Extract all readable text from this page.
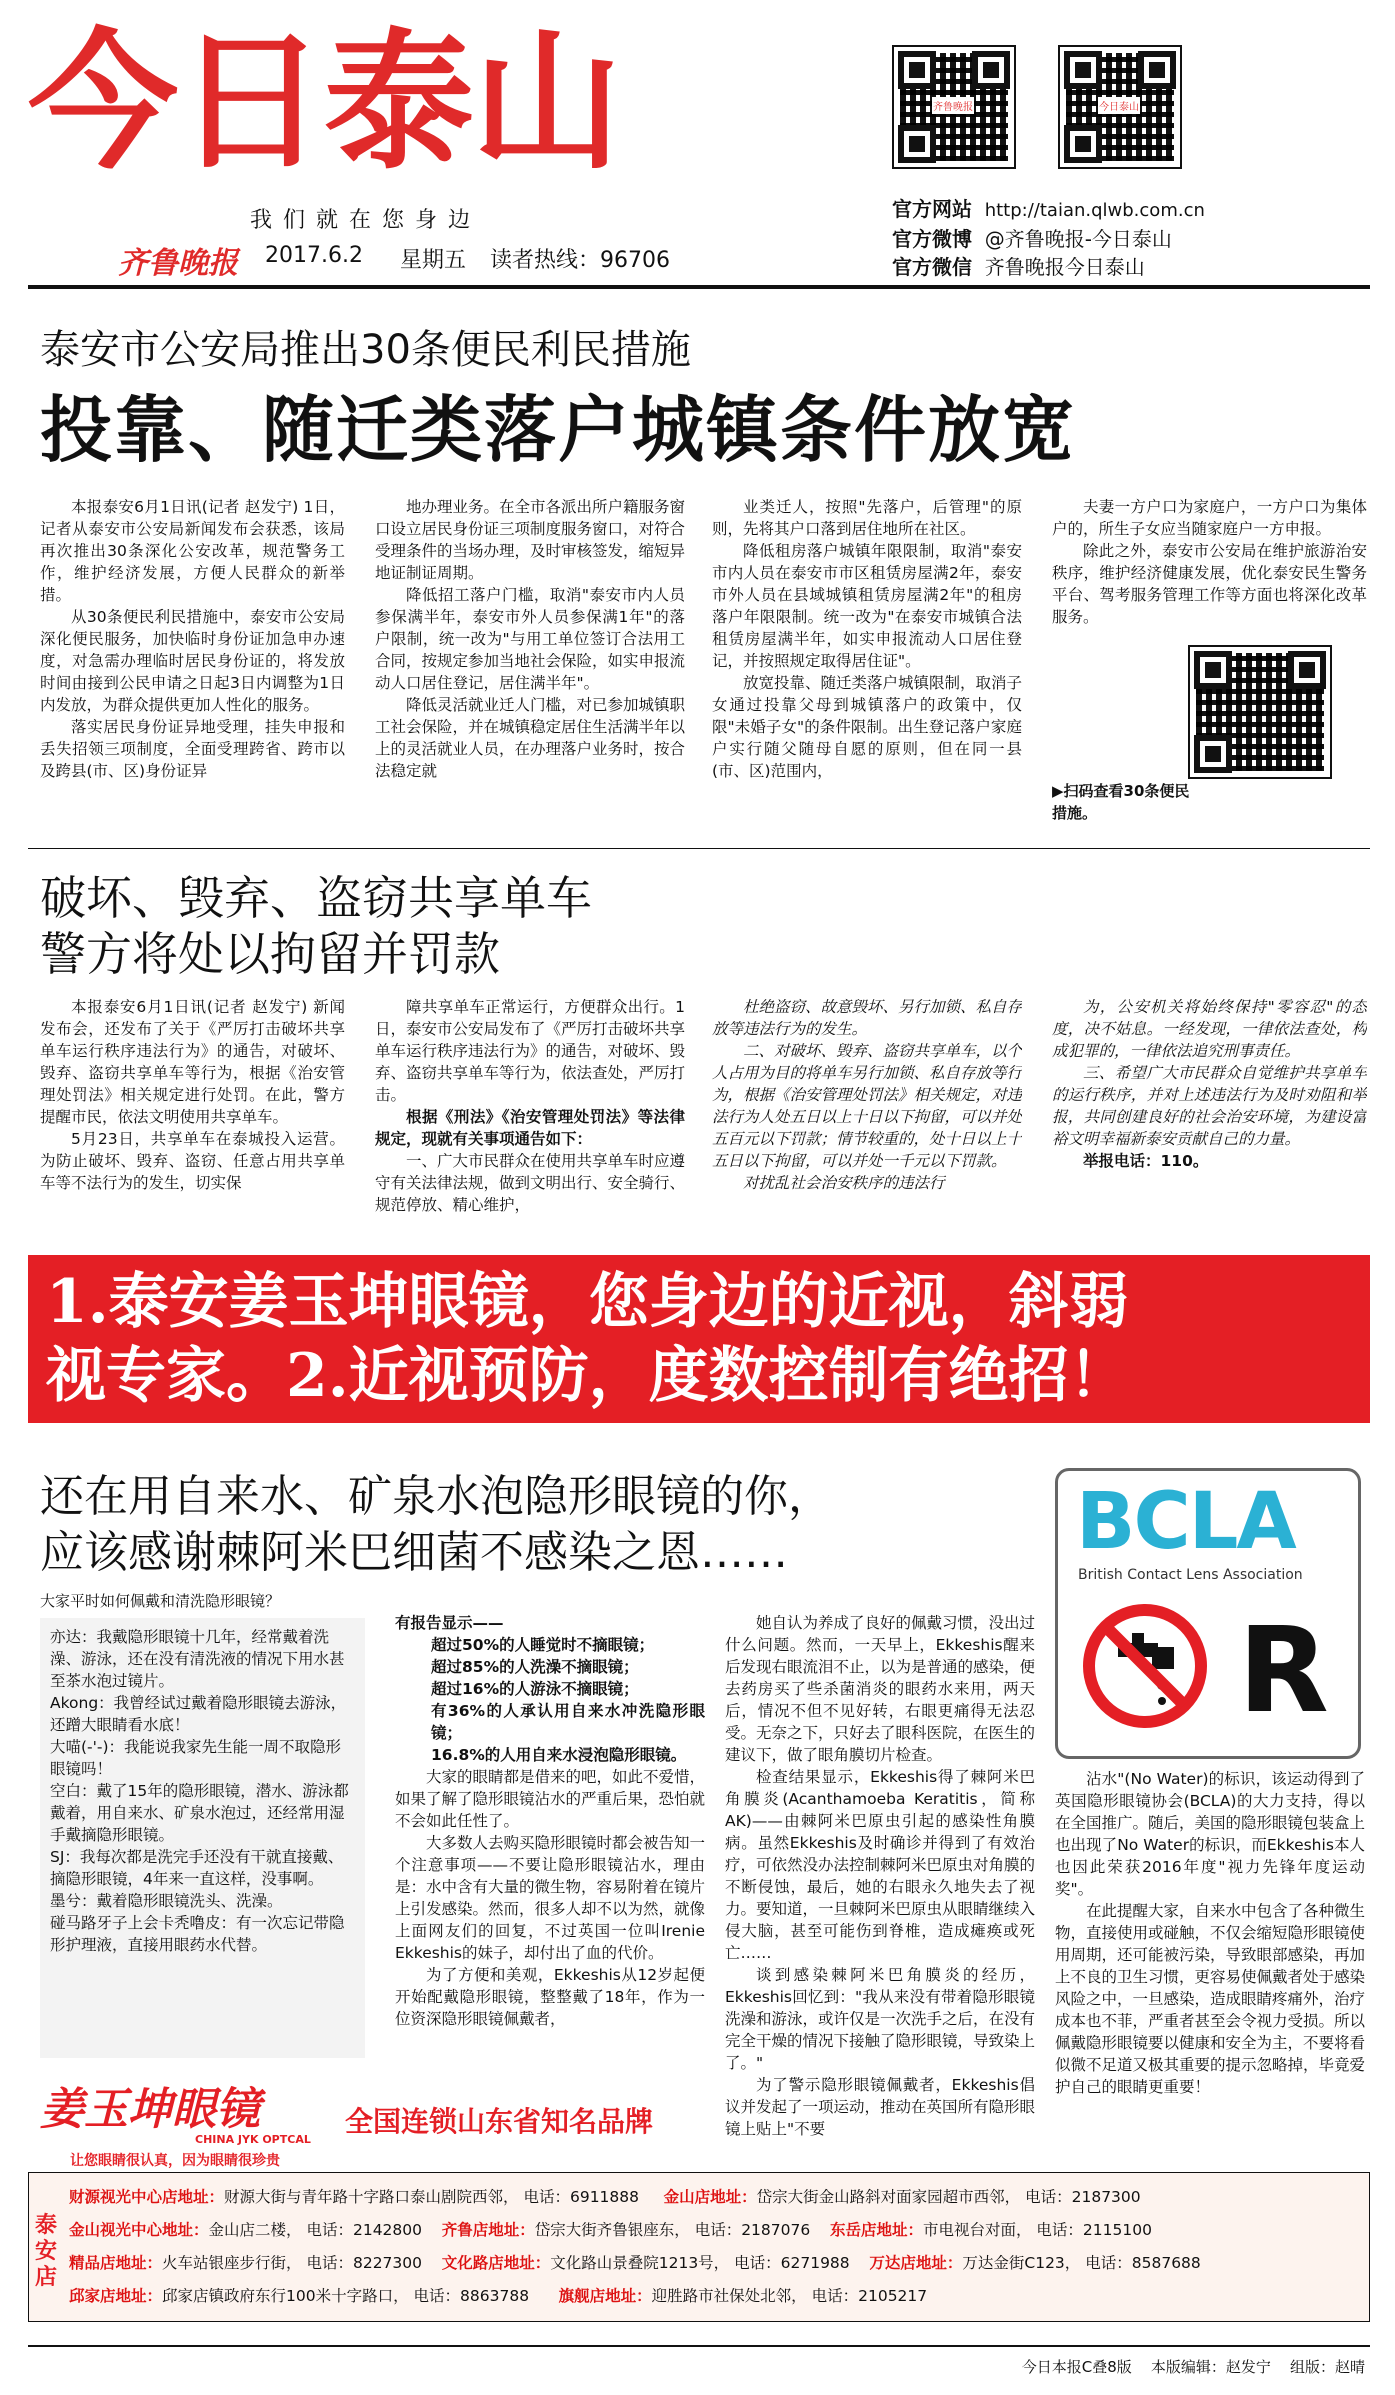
今日泰山
我 们 就 在 您 身 边
齐鲁晚报 2017.6.2 星期五 读者热线：96706
齐鲁晚报	今日泰山
官方网站 http://taian.qlwb.com.cn
官方微博 @齐鲁晚报-今日泰山
官方微信 齐鲁晚报今日泰山
泰安市公安局推出30条便民利民措施
投靠、随迁类落户城镇条件放宽

本报泰安6月1日讯(记者 赵发宁) 1日，记者从泰安市公安局新闻发布会获悉，该局再次推出30条深化公安改革，规范警务工作，维护经济发展，方便人民群众的新举措。

从30条便民利民措施中，泰安市公安局深化便民服务，加快临时身份证加急申办速度，对急需办理临时居民身份证的，将发放时间由接到公民申请之日起3日内调整为1日内发放，为群众提供更加人性化的服务。

落实居民身份证异地受理，挂失申报和丢失招领三项制度，全面受理跨省、跨市以及跨县(市、区)身份证异

地办理业务。在全市各派出所户籍服务窗口设立居民身份证三项制度服务窗口，对符合受理条件的当场办理，及时审核签发，缩短异地证制证周期。

降低招工落户门槛，取消"泰安市内人员参保满半年，泰安市外人员参保满1年"的落户限制，统一改为"与用工单位签订合法用工合同，按规定参加当地社会保险，如实申报流动人口居住登记，居住满半年"。

降低灵活就业迁人门槛，对已参加城镇职工社会保险，并在城镇稳定居住生活满半年以上的灵活就业人员，在办理落户业务时，按合法稳定就

业类迁人，按照"先落户，后管理"的原则，先将其户口落到居住地所在社区。

降低租房落户城镇年限限制，取消"泰安市内人员在泰安市市区租赁房屋满2年，泰安市外人员在县域城镇租赁房屋满2年"的租房落户年限限制。统一改为"在泰安市城镇合法租赁房屋满半年，如实申报流动人口居住登记，并按照规定取得居住证"。

放宽投靠、随迁类落户城镇限制，取消子女通过投靠父母到城镇落户的政策中，仅限"未婚子女"的条件限制。出生登记落户家庭户实行随父随母自愿的原则，但在同一县(市、区)范围内，

夫妻一方户口为家庭户，一方户口为集体户的，所生子女应当随家庭户一方申报。

除此之外，泰安市公安局在维护旅游治安秩序，维护经济健康发展，优化泰安民生警务平台、驾考服务管理工作等方面也将深化改革服务。

▶扫码查看30条便民措施。
破坏、毁弃、盗窃共享单车
警方将处以拘留并罚款

本报泰安6月1日讯(记者 赵发宁) 新闻发布会，还发布了关于《严厉打击破坏共享单车运行秩序违法行为》的通告，对破坏、毁弃、盗窃共享单车等行为，根据《治安管理处罚法》相关规定进行处罚。在此，警方提醒市民，依法文明使用共享单车。

5月23日，共享单车在泰城投入运营。为防止破坏、毁弃、盗窃、任意占用共享单车等不法行为的发生，切实保

障共享单车正常运行，方便群众出行。1日，泰安市公安局发布了《严厉打击破坏共享单车运行秩序违法行为》的通告，对破坏、毁弃、盗窃共享单车等行为，依法查处，严厉打击。

根据《刑法》《治安管理处罚法》等法律规定，现就有关事项通告如下：

一、广大市民群众在使用共享单车时应遵守有关法律法规，做到文明出行、安全骑行、规范停放、精心维护，

杜绝盗窃、故意毁坏、另行加锁、私自存放等违法行为的发生。

二、对破坏、毁弃、盗窃共享单车，以个人占用为目的将单车另行加锁、私自存放等行为，根据《治安管理处罚法》相关规定，对违法行为人处五日以上十日以下拘留，可以并处五百元以下罚款；情节较重的，处十日以上十五日以下拘留，可以并处一千元以下罚款。

对扰乱社会治安秩序的违法行

为，公安机关将始终保持"零容忍"的态度，决不姑息。一经发现，一律依法查处，构成犯罪的，一律依法追究刑事责任。

三、希望广大市民群众自觉维护共享单车的运行秩序，并对上述违法行为及时劝阻和举报，共同创建良好的社会治安环境，为建设富裕文明幸福新泰安贡献自己的力量。

举报电话：110。

1.泰安姜玉坤眼镜，您身边的近视，斜弱
视专家。2.近视预防，度数控制有绝招！
还在用自来水、矿泉水泡隐形眼镜的你，
应该感谢棘阿米巴细菌不感染之恩……	BCLA
British Contact Lens Association
R
大家平时如何佩戴和清洗隐形眼镜？
亦达：我戴隐形眼镜十几年，经常戴着洗澡、游泳，还在没有清洗液的情况下用水甚至茶水泡过镜片。
Akong：我曾经试过戴着隐形眼镜去游泳，还蹭大眼睛看水底！
大喵(-'-)：我能说我家先生能一周不取隐形眼镜吗！
空白：戴了15年的隐形眼镜，潜水、游泳都戴着，用自来水、矿泉水泡过，还经常用湿手戴摘隐形眼镜。
SJ：我每次都是洗完手还没有干就直接戴、摘隐形眼镜，4年来一直这样，没事啊。
墨兮：戴着隐形眼镜洗头、洗澡。
碰马路牙子上会卡秃噜皮：有一次忘记带隐形护理液，直接用眼药水代替。
有报告显示——
超过50%的人睡觉时不摘眼镜；
超过85%的人洗澡不摘眼镜；
超过16%的人游泳不摘眼镜；
有36%的人承认用自来水冲洗隐形眼镜；
16.8%的人用自来水浸泡隐形眼镜。

大家的眼睛都是借来的吧，如此不爱惜，如果了解了隐形眼镜沾水的严重后果，恐怕就不会如此任性了。

大多数人去购买隐形眼镜时都会被告知一个注意事项——不要让隐形眼镜沾水，理由是：水中含有大量的微生物，容易附着在镜片上引发感染。然而，很多人却不以为然，就像上面网友们的回复，不过英国一位叫Irenie Ekkeshis的妹子，却付出了血的代价。

为了方便和美观，Ekkeshis从12岁起便开始配戴隐形眼镜，整整戴了18年，作为一位资深隐形眼镜佩戴者，

她自认为养成了良好的佩戴习惯，没出过什么问题。然而，一天早上，Ekkeshis醒来后发现右眼流泪不止，以为是普通的感染，便去药房买了些杀菌消炎的眼药水来用，两天后，情况不但不见好转，右眼更痛得无法忍受。无奈之下，只好去了眼科医院，在医生的建议下，做了眼角膜切片检查。

检查结果显示，Ekkeshis得了棘阿米巴角膜炎(Acanthamoeba Keratitis，简称AK)——由棘阿米巴原虫引起的感染性角膜病。虽然Ekkeshis及时确诊并得到了有效治疗，可依然没办法控制棘阿米巴原虫对角膜的不断侵蚀，最后，她的右眼永久地失去了视力。要知道，一旦棘阿米巴原虫从眼睛继续入侵大脑，甚至可能伤到脊椎，造成瘫痪或死亡……

谈到感染棘阿米巴角膜炎的经历，Ekkeshis回忆到："我从来没有带着隐形眼镜洗澡和游泳，或许仅是一次洗手之后，在没有完全干燥的情况下接触了隐形眼镜，导致染上了。"

为了警示隐形眼镜佩戴者，Ekkeshis倡议并发起了一项运动，推动在英国所有隐形眼镜上贴上"不要

沾水"(No Water)的标识，该运动得到了英国隐形眼镜协会(BCLA)的大力支持，得以在全国推广。随后，美国的隐形眼镜包装盒上也出现了No Water的标识，而Ekkeshis本人也因此荣获2016年度"视力先锋年度运动奖"。

在此提醒大家，自来水中包含了各种微生物，直接使用或碰触，不仅会缩短隐形眼镜使用周期，还可能被污染，导致眼部感染，再加上不良的卫生习惯，更容易使佩戴者处于感染风险之中，一旦感染，造成眼睛疼痛外，治疗成本也不菲，严重者甚至会令视力受损。所以佩戴隐形眼镜要以健康和安全为主，不要将看似微不足道又极其重要的提示忽略掉，毕竟爱护自己的眼睛更重要！

姜玉坤眼镜
CHINA JYK OPTCAL
让您眼睛很认真，因为眼睛很珍贵
全国连锁山东省知名品牌
泰安店
财源视光中心店地址：财源大街与青年路十字路口泰山剧院西邻， 电话：6911888 金山店地址：岱宗大街金山路斜对面家园超市西邻， 电话：2187300
金山视光中心地址：金山店二楼， 电话：2142800 齐鲁店地址：岱宗大街齐鲁银座东， 电话：2187076 东岳店地址：市电视台对面， 电话：2115100
精品店地址：火车站银座步行街， 电话：8227300 文化路店地址：文化路山景叠院1213号， 电话：6271988 万达店地址：万达金街C123， 电话：8587688
邱家店地址：邱家店镇政府东行100米十字路口， 电话：8863788 旗舰店地址：迎胜路市社保处北邻， 电话：2105217
今日本报C叠8版 本版编辑：赵发宁 组版：赵晴
